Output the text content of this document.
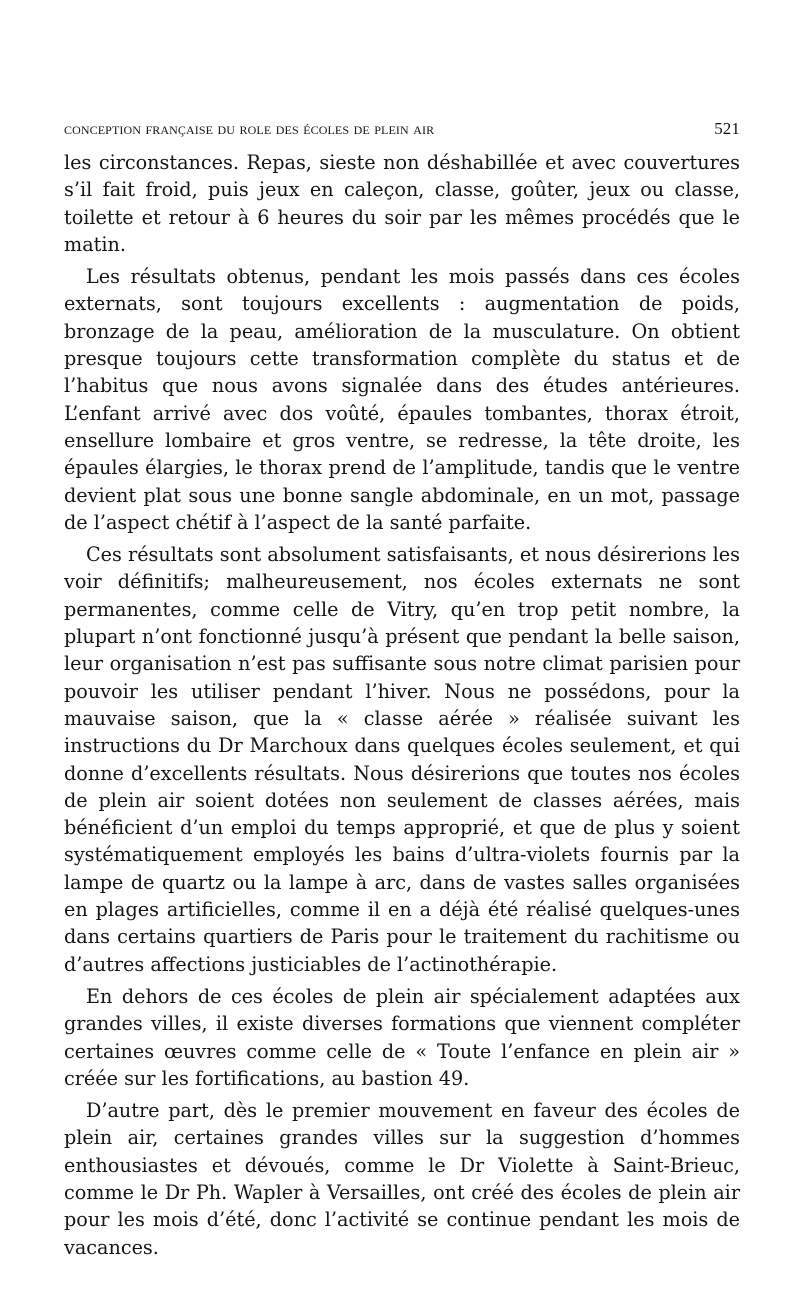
conception française du role des écoles de plein air	521

les circonstances. Repas, sieste non déshabillée et avec couvertures s’il fait froid, puis jeux en caleçon, classe, goûter, jeux ou classe, toilette et retour à 6 heures du soir par les mêmes procédés que le matin.

Les résultats obtenus, pendant les mois passés dans ces écoles externats, sont toujours excellents : augmentation de poids, bronzage de la peau, amélioration de la musculature. On obtient presque toujours cette transformation complète du status et de l’habitus que nous avons signalée dans des études antérieures. L’enfant arrivé avec dos voûté, épaules tombantes, thorax étroit, ensellure lombaire et gros ventre, se redresse, la tête droite, les épaules élargies, le thorax prend de l’amplitude, tandis que le ventre devient plat sous une bonne sangle abdominale, en un mot, passage de l’aspect chétif à l’aspect de la santé parfaite.

Ces résultats sont absolument satisfaisants, et nous désirerions les voir définitifs; malheureusement, nos écoles externats ne sont permanentes, comme celle de Vitry, qu’en trop petit nombre, la plupart n’ont fonctionné jusqu’à présent que pendant la belle saison, leur organisation n’est pas suffisante sous notre climat parisien pour pouvoir les utiliser pendant l’hiver. Nous ne possédons, pour la mauvaise saison, que la « classe aérée » réalisée suivant les instructions du Dr Marchoux dans quelques écoles seulement, et qui donne d’excellents résultats. Nous désirerions que toutes nos écoles de plein air soient dotées non seulement de classes aérées, mais bénéficient d’un emploi du temps approprié, et que de plus y soient systématiquement employés les bains d’ultra-violets fournis par la lampe de quartz ou la lampe à arc, dans de vastes salles organisées en plages artificielles, comme il en a déjà été réalisé quelques-unes dans certains quartiers de Paris pour le traitement du rachitisme ou d’autres affections justiciables de l’actinothérapie.

En dehors de ces écoles de plein air spécialement adaptées aux grandes villes, il existe diverses formations que viennent compléter certaines œuvres comme celle de « Toute l’enfance en plein air » créée sur les fortifications, au bastion 49.

D’autre part, dès le premier mouvement en faveur des écoles de plein air, certaines grandes villes sur la suggestion d’hommes enthousiastes et dévoués, comme le Dr Violette à Saint-Brieuc, comme le Dr Ph. Wapler à Versailles, ont créé des écoles de plein air pour les mois d’été, donc l’activité se continue pendant les mois de vacances.
